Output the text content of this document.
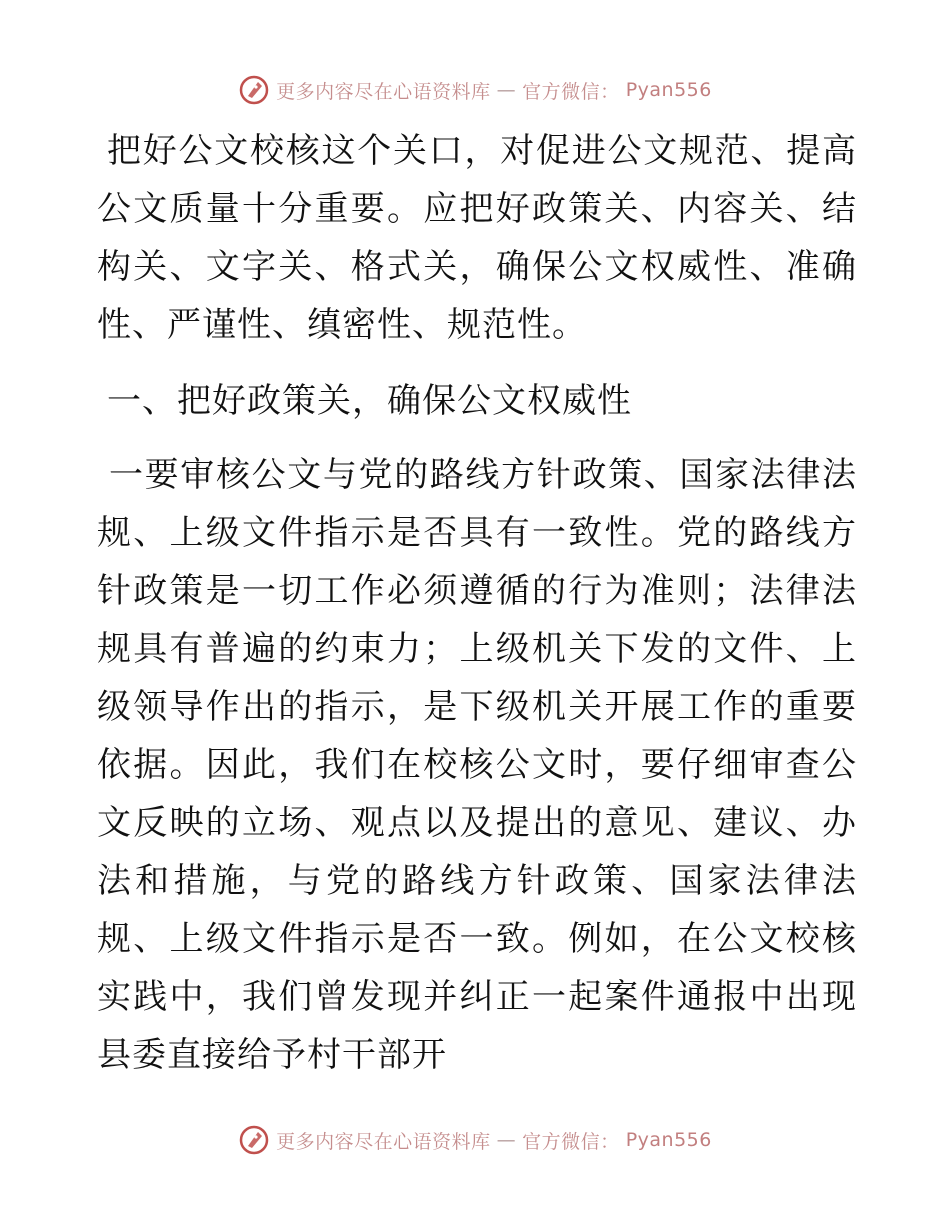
更多内容尽在心语资料库 — 官方微信： Pyan556

把好公文校核这个关口，对促进公文规范、提高公文质量十分重要。应把好政策关、内容关、结构关、文字关、格式关，确保公文权威性、准确性、严谨性、缜密性、规范性。

一、把好政策关，确保公文权威性

一要审核公文与党的路线方针政策、国家法律法规、上级文件指示是否具有一致性。党的路线方针政策是一切工作必须遵循的行为准则；法律法规具有普遍的约束力；上级机关下发的文件、上级领导作出的指示，是下级机关开展工作的重要依据。因此，我们在校核公文时，要仔细审查公文反映的立场、观点以及提出的意见、建议、办法和措施，与党的路线方针政策、国家法律法规、上级文件指示是否一致。例如，在公文校核实践中，我们曾发现并纠正一起案件通报中出现县委直接给予村干部开

更多内容尽在心语资料库 — 官方微信： Pyan556
